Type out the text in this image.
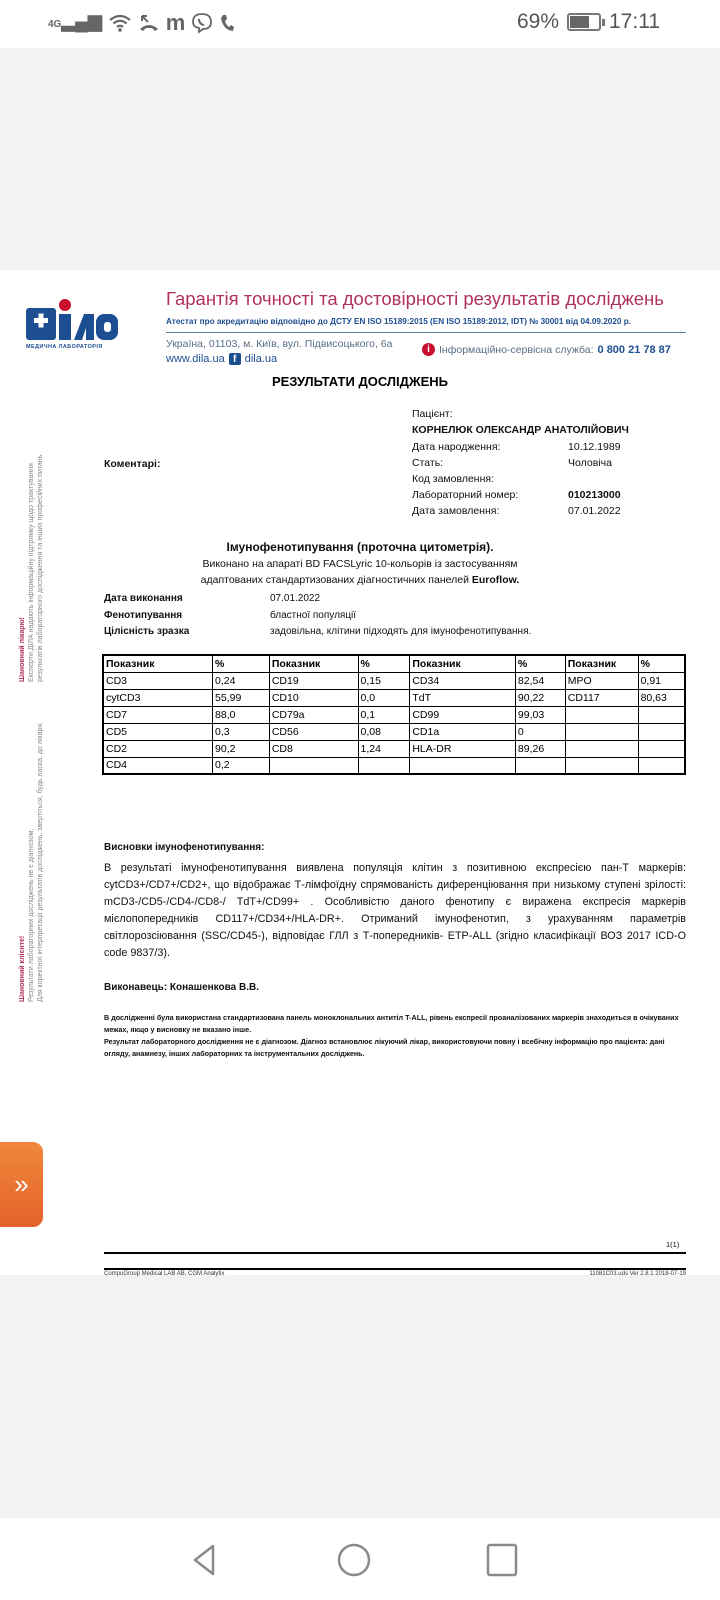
4G▂▄▆	m	69% 17:11
МЕДИЧНА ЛАБОРАТОРІЯ
Гарантія точності та достовірності результатів досліджень
Атестат про акредитацію відповідно до ДСТУ EN ISO 15189:2015 (EN ISO 15189:2012, IDT) № 30001 від 04.09.2020 р.
Україна, 01103, м. Київ, вул. Підвисоцького, 6а
www.dila.ua f dila.ua
i Інформаційно-сервісна служба: 0 800 21 78 87
РЕЗУЛЬТАТИ ДОСЛІДЖЕНЬ
Шановний лікарю! Експерти ДІЛА надають інформаційну підтримку щодо трактування результатів лабораторного дослідження та інших професійних питань.
Шановний клієнте! Результати лабораторних досліджень не є діагнозом. Для коректної інтерпретації результатів досліджень, звертіться, будь ласка, до лікаря.
Пацієнт:
КОРНЕЛЮК ОЛЕКСАНДР АНАТОЛІЙОВИЧ
Коментарі:
Дата народження:	10.12.1989
Стать:	Чоловіча
Код замовлення:
Лабораторний номер:	010213000
Дата замовлення:	07.01.2022
Імунофенотипування (проточна цитометрія).
Виконано на апараті BD FACSLyric 10-кольорів із застосуванням
адаптованих стандартизованих діагностичних панелей Euroflow.
Дата виконання	07.01.2022
Фенотипування	бластної популяції
Цілісність зразка	задовільна, клітини підходять для імунофенотипування.
Показник	%	Показник	%	Показник	%	Показник	%
CD3	0,24	CD19	0,15	CD34	82,54	MPO	0,91
cytCD3	55,99	CD10	0,0	TdT	90,22	CD117	80,63
CD7	88,0	CD79a	0,1	CD99	99,03		
CD5	0,3	CD56	0,08	CD1a	0		
CD2	90,2	CD8	1,24	HLA-DR	89,26		
CD4	0,2						
Висновки імунофенотипування:
В результаті імунофенотипування виявлена популяція клітин з позитивною експресією пан-Т маркерів: cytCD3+/CD7+/CD2+, що відображає Т-лімфоїдну спрямованість диференціювання при низькому ступені зрілості: mCD3-/CD5-/CD4-/CD8-/ TdT+/CD99+ . Особливістю даного фенотипу є виражена експресія маркерів мієлопопередників CD117+/CD34+/HLA-DR+. Отриманий імунофенотип, з урахуванням параметрів світлорозсіювання (SSC/CD45-), відповідає ГЛЛ з Т-попередників- ETP-ALL (згідно класифікації ВОЗ 2017 ICD-O code 9837/3).
Виконавець: Конашенкова В.В.
В дослідженні була використана стандартизована панель моноклональних антитіл T-ALL, рівень експресії проаналізованих маркерів знаходиться в очікуваних межах, якщо у висновку не вказано інше.
Результат лабораторного дослідження не є діагнозом. Діагноз встановлює лікуючий лікар, використовуючи повну і всебічну інформацію про пацієнта: дані огляду, анамнезу, інших лабораторних та інструментальних досліджень.
1(1)
CompuGroup Medical LAB AB, CGM Analytix	11081C03.uds Ver 2.8.1 2018-07-19
»
